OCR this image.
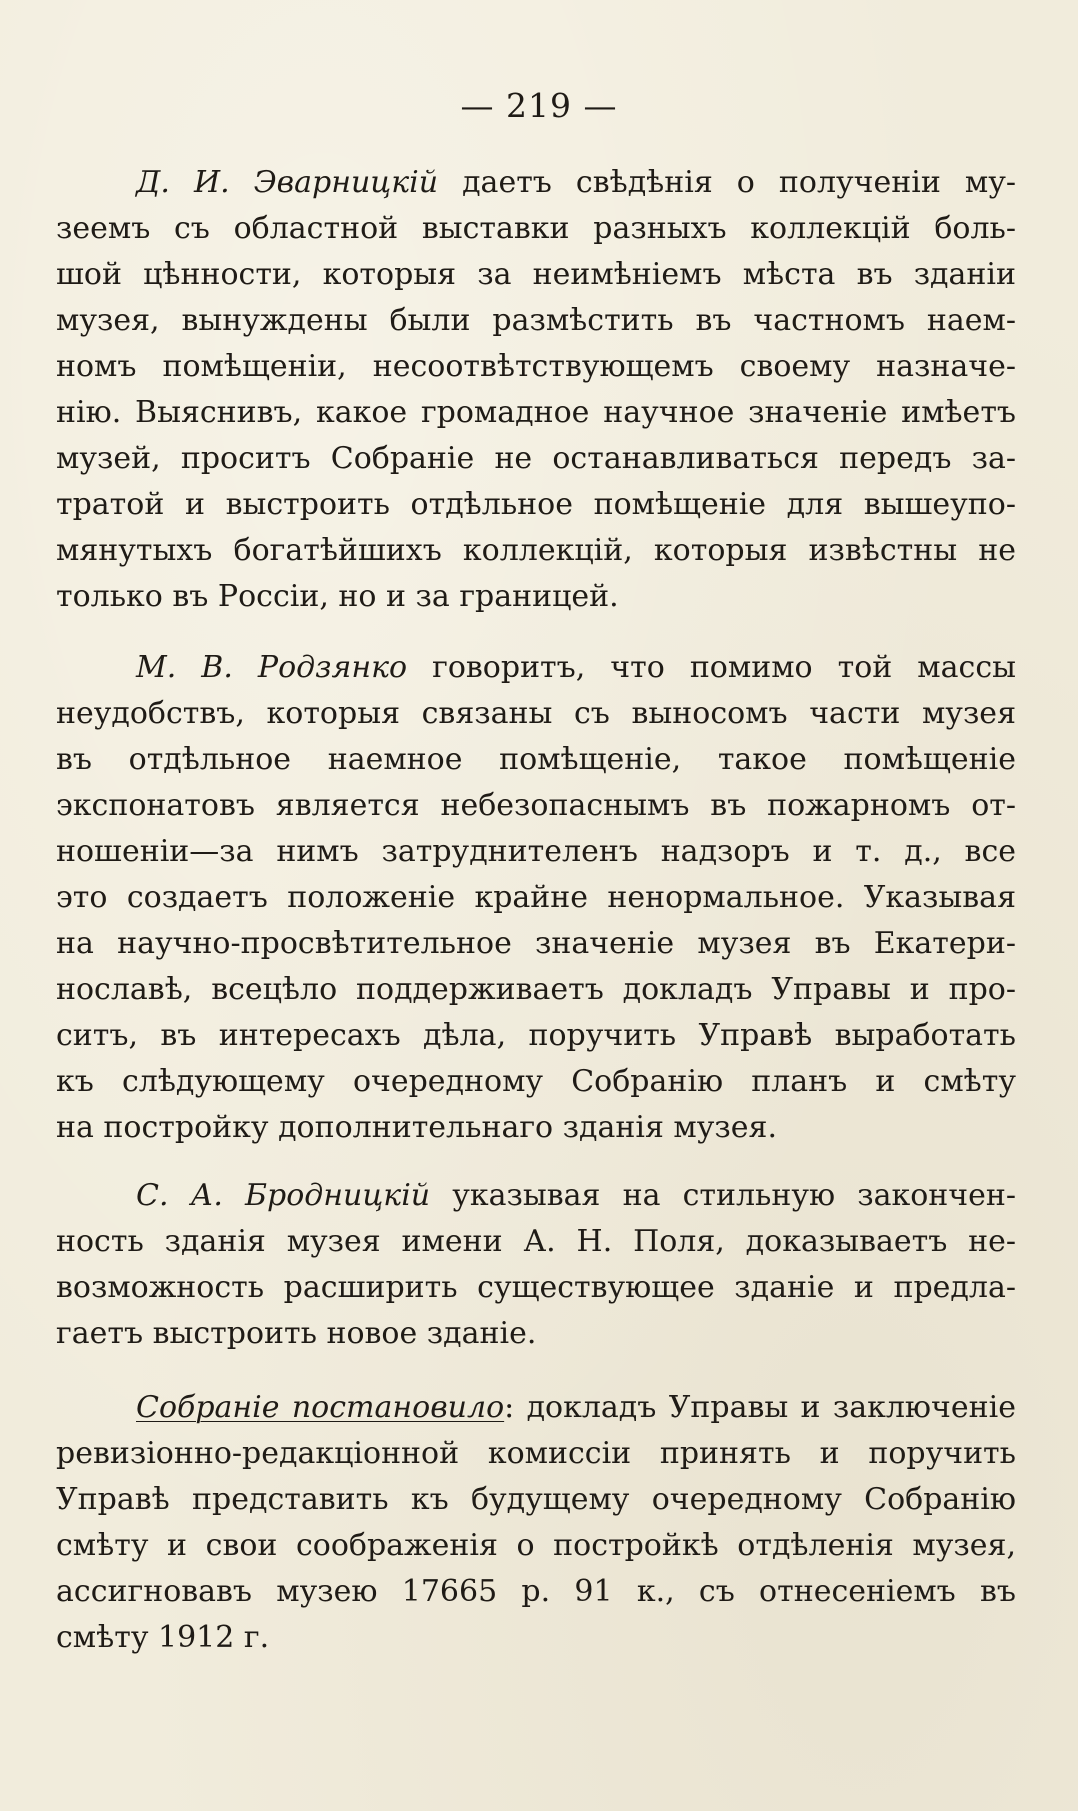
— 219 —
Д. И. Эварницкій даетъ свѣдѣнія о полученіи му-
зеемъ съ областной выставки разныхъ коллекцій боль-
шой цѣнности, которыя за неимѣніемъ мѣста въ зданіи
музея, вынуждены были размѣстить въ частномъ наем-
номъ помѣщеніи, несоотвѣтствующемъ своему назначе-
нію. Выяснивъ, какое громадное научное значеніе имѣетъ
музей, проситъ Собраніе не останавливаться передъ за-
тратой и выстроить отдѣльное помѣщеніе для вышеупо-
мянутыхъ богатѣйшихъ коллекцій, которыя извѣстны не
только въ Россіи, но и за границей.
М. В. Родзянко говоритъ, что помимо той массы
неудобствъ, которыя связаны съ выносомъ части музея
въ отдѣльное наемное помѣщеніе, такое помѣщеніе
экспонатовъ является небезопаснымъ въ пожарномъ от-
ношеніи—за нимъ затруднителенъ надзоръ и т. д., все
это создаетъ положеніе крайне ненормальное. Указывая
на научно-просвѣтительное значеніе музея въ Екатери-
нославѣ, всецѣло поддерживаетъ докладъ Управы и про-
ситъ, въ интересахъ дѣла, поручить Управѣ выработать
къ слѣдующему очередному Собранію планъ и смѣту
на постройку дополнительнаго зданія музея.
С. А. Бродницкій указывая на стильную закончен-
ность зданія музея имени А. Н. Поля, доказываетъ не-
возможность расширить существующее зданіе и предла-
гаетъ выстроить новое зданіе.
Собраніе постановило: докладъ Управы и заключеніе
ревизіонно-редакціонной комиссіи принять и поручить
Управѣ представить къ будущему очередному Собранію
смѣту и свои соображенія о постройкѣ отдѣленія музея,
ассигновавъ музею 17665 р. 91 к., съ отнесеніемъ въ
смѣту 1912 г.
